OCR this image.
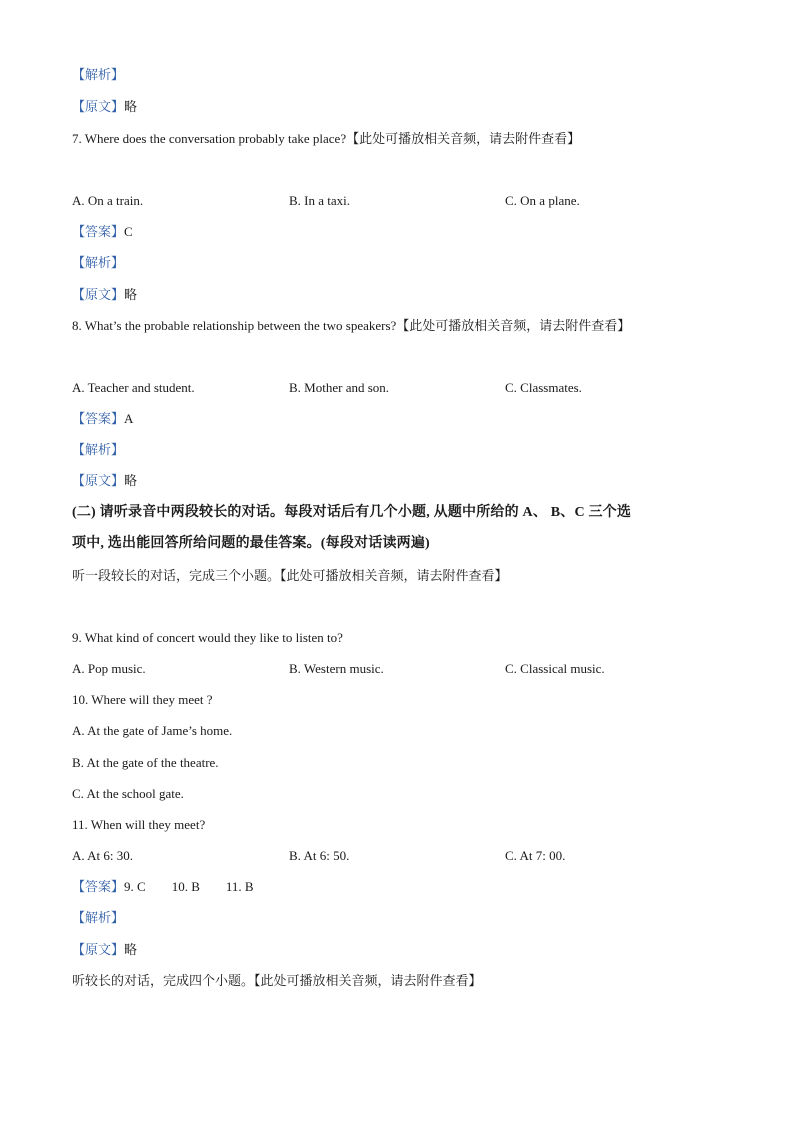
【解析】
【原文】略
7. Where does the conversation probably take place?【此处可播放相关音频，请去附件查看】
A. On a train.	B. In a taxi.	C. On a plane.
【答案】C
【解析】
【原文】略
8. What’s the probable relationship between the two speakers?【此处可播放相关音频，请去附件查看】
A. Teacher and student.	B. Mother and son.	C. Classmates.
【答案】A
【解析】
【原文】略
(二) 请听录音中两段较长的对话。每段对话后有几个小题, 从题中所给的 A、 B、C 三个选
项中, 选出能回答所给问题的最佳答案。(每段对话读两遍)
听一段较长的对话，完成三个小题。【此处可播放相关音频，请去附件查看】
9. What kind of concert would they like to listen to?
A. Pop music.	B. Western music.	C. Classical music.
10. Where will they meet ?
A. At the gate of Jame’s home.
B. At the gate of the theatre.
C. At the school gate.
11. When will they meet?
A. At 6: 30.	B. At 6: 50.	C. At 7: 00.
【答案】9. C 10. B 11. B
【解析】
【原文】略
听较长的对话，完成四个小题。【此处可播放相关音频，请去附件查看】
